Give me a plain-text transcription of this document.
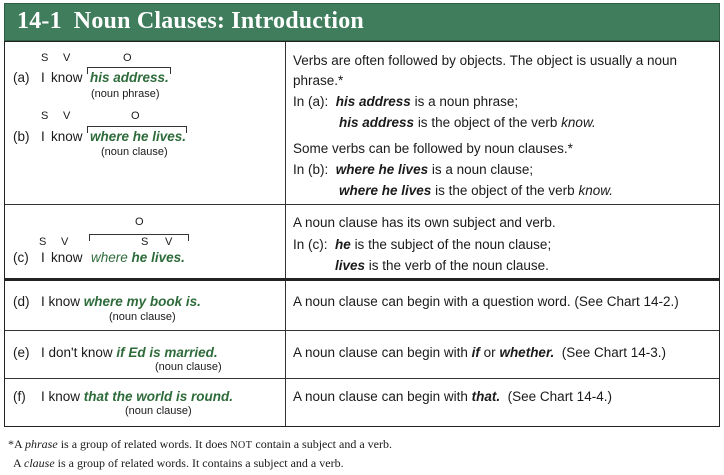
14-1 Noun Clauses: Introduction
S V	O
(a) I know his address.
(noun phrase)
S V	O
(b) I know where he lives.
(noun clause)
Verbs are often followed by objects. The object is usually a noun
phrase.*
In (a): his address is a noun phrase;
his address is the object of the verb know.
Some verbs can be followed by noun clauses.*
In (b): where he lives is a noun clause;
where he lives is the object of the verb know.
O
S V	S V
(c) I know where he lives.
A noun clause has its own subject and verb.
In (c): he is the subject of the noun clause;
lives is the verb of the noun clause.
(d) I know where my book is.
(noun clause)
A noun clause can begin with a question word. (See Chart 14-2.)
(e) I don't know if Ed is married.
(noun clause)
A noun clause can begin with if or whether. (See Chart 14-3.)
(f) I know that the world is round.
(noun clause)
A noun clause can begin with that. (See Chart 14-4.)
*A phrase is a group of related words. It does NOT contain a subject and a verb.
A clause is a group of related words. It contains a subject and a verb.
